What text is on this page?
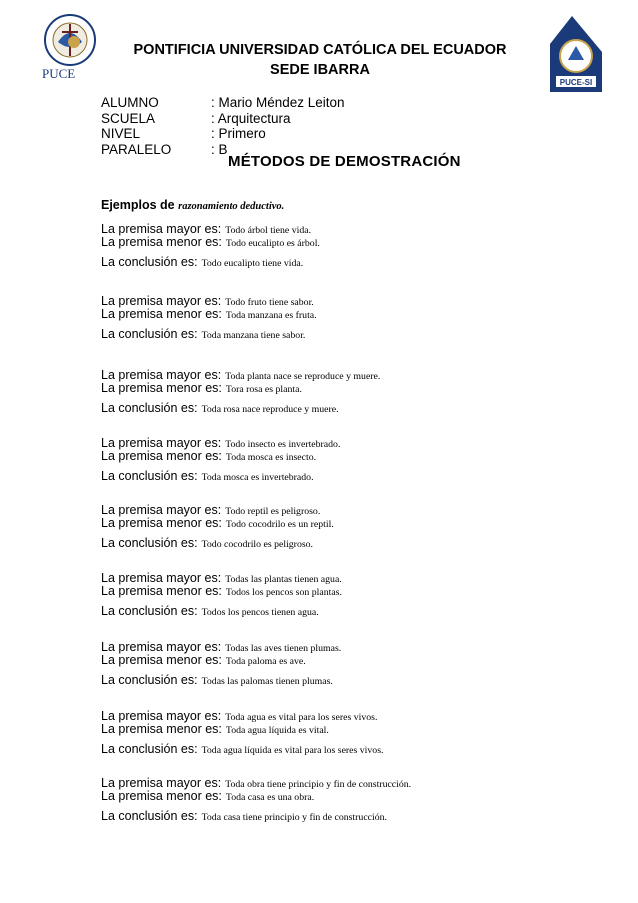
PUCE
PUCE-SI
PONTIFICIA UNIVERSIDAD CATÓLICA DEL ECUADOR
SEDE IBARRA
ALUMNO	: Mario Méndez Leiton
SCUELA	: Arquitectura
NIVEL	: Primero
PARALELO	: B
MÉTODOS DE DEMOSTRACIÓN
Ejemplos de razonamiento deductivo.
La premisa mayor es: Todo árbol tiene vida.
La premisa menor es: Todo eucalipto es árbol.
La conclusión es: Todo eucalipto tiene vida.
La premisa mayor es: Todo fruto tiene sabor.
La premisa menor es: Toda manzana es fruta.
La conclusión es: Toda manzana tiene sabor.
La premisa mayor es: Toda planta nace se reproduce y muere.
La premisa menor es: Tora rosa es planta.
La conclusión es: Toda rosa nace reproduce y muere.
La premisa mayor es: Todo insecto es invertebrado.
La premisa menor es: Toda mosca es insecto.
La conclusión es: Toda mosca es invertebrado.
La premisa mayor es: Todo reptil es peligroso.
La premisa menor es: Todo cocodrilo es un reptil.
La conclusión es: Todo cocodrilo es peligroso.
La premisa mayor es: Todas las plantas tienen agua.
La premisa menor es: Todos los pencos son plantas.
La conclusión es: Todos los pencos tienen agua.
La premisa mayor es: Todas las aves tienen plumas.
La premisa menor es: Toda paloma es ave.
La conclusión es: Todas las palomas tienen plumas.
La premisa mayor es: Toda agua es vital para los seres vivos.
La premisa menor es: Toda agua líquida es vital.
La conclusión es: Toda agua líquida es vital para los seres vivos.
La premisa mayor es: Toda obra tiene principio y fin de construcción.
La premisa menor es: Toda casa es una obra.
La conclusión es: Toda casa tiene principio y fin de construcción.
